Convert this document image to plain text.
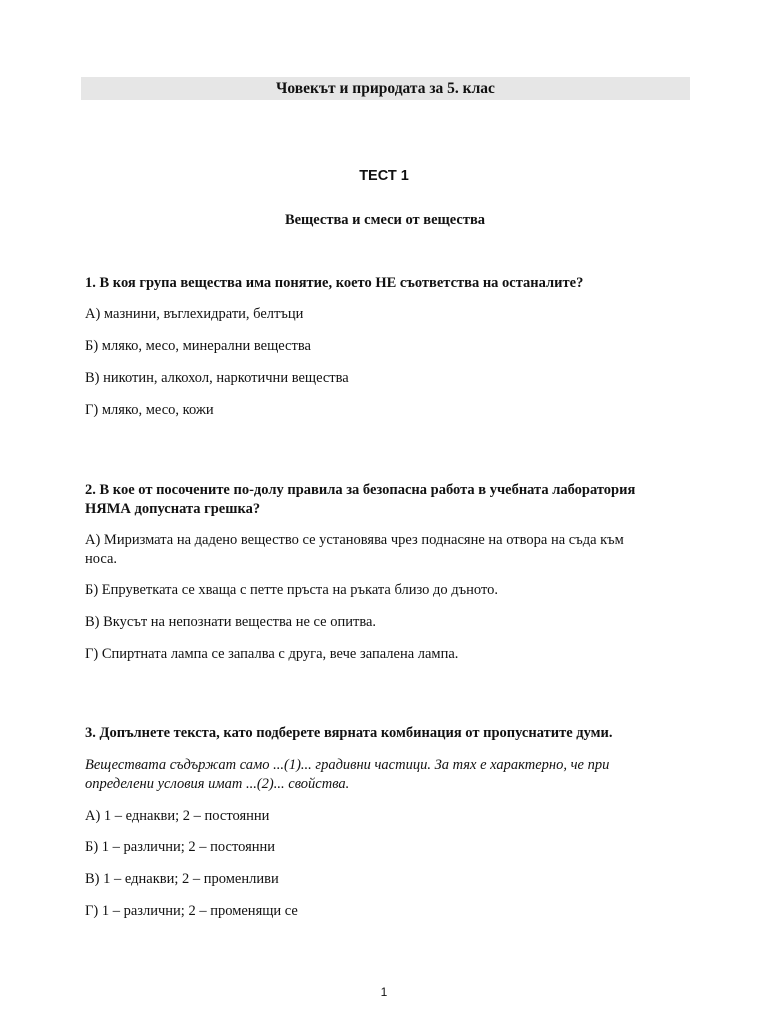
Човекът и природата за 5. клас
ТЕСТ 1
Вещества и смеси от вещества
1. В коя група вещества има понятие, което НЕ съответства на останалите?
А) мазнини, въглехидрати, белтъци
Б) мляко, месо, минерални вещества
В) никотин, алкохол, наркотични вещества
Г) мляко, месо, кожи
2. В кое от посочените по-долу правила за безопасна работа в учебната лаборатория
НЯМА допусната грешка?
А) Миризмата на дадено вещество се установява чрез поднасяне на отвора на съда към
носа.
Б) Епруветката се хваща с петте пръста на ръката близо до дъното.
В) Вкусът на непознати вещества не се опитва.
Г) Спиртната лампа се запалва с друга, вече запалена лампа.
3. Допълнете текста, като подберете вярната комбинация от пропуснатите думи.
Веществата съдържат само ...(1)... градивни частици. За тях е характерно, че при
определени условия имат ...(2)... свойства.
А) 1 – еднакви; 2 – постоянни
Б) 1 – различни; 2 – постоянни
В) 1 – еднакви; 2 – променливи
Г) 1 – различни; 2 – променящи се
1
